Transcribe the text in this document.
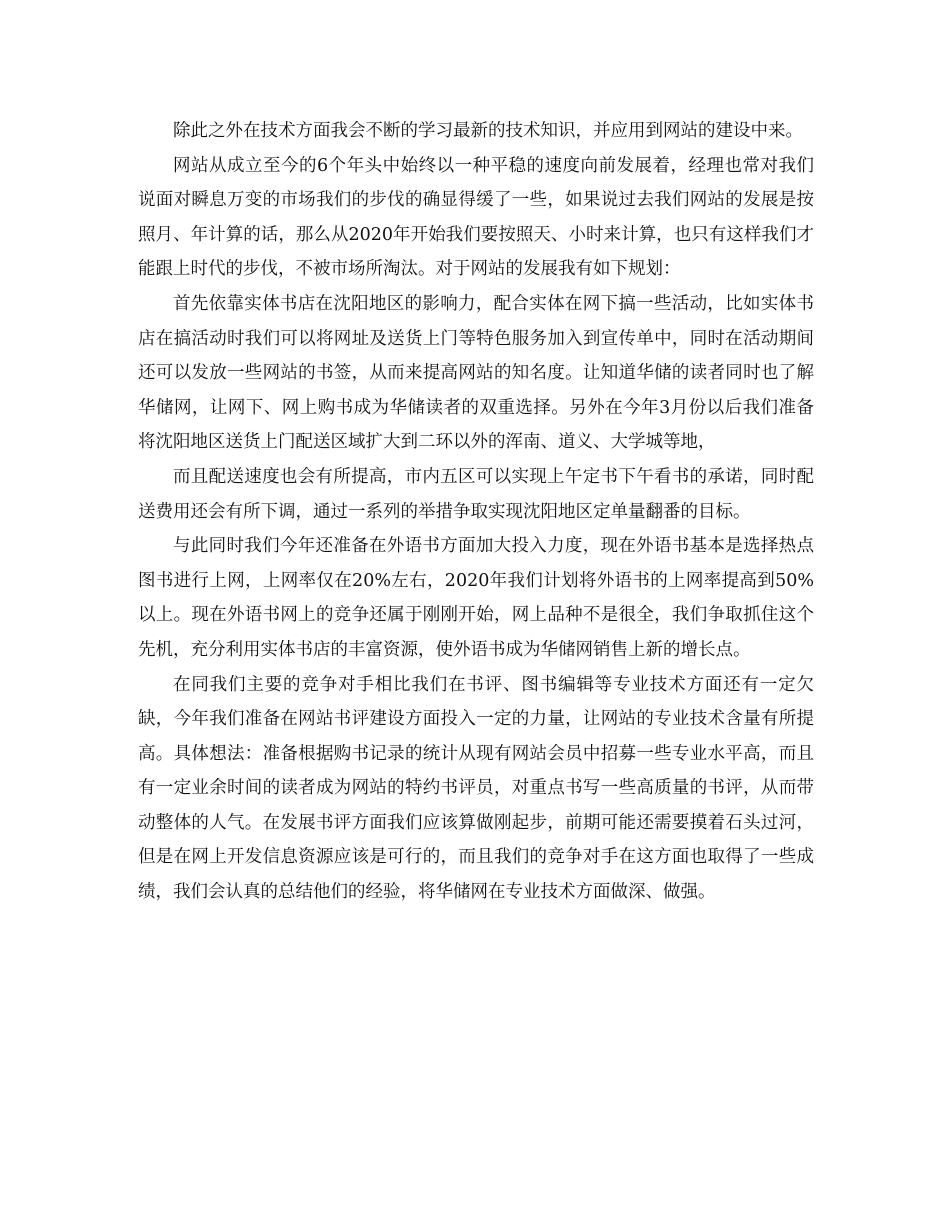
除此之外在技术方面我会不断的学习最新的技术知识，并应用到网站的建设中来。

网站从成立至今的6个年头中始终以一种平稳的速度向前发展着，经理也常对我们说面对瞬息万变的市场我们的步伐的确显得缓了一些，如果说过去我们网站的发展是按照月、年计算的话，那么从2020年开始我们要按照天、小时来计算，也只有这样我们才能跟上时代的步伐，不被市场所淘汰。对于网站的发展我有如下规划：

首先依靠实体书店在沈阳地区的影响力，配合实体在网下搞一些活动，比如实体书店在搞活动时我们可以将网址及送货上门等特色服务加入到宣传单中，同时在活动期间还可以发放一些网站的书签，从而来提高网站的知名度。让知道华储的读者同时也了解华储网，让网下、网上购书成为华储读者的双重选择。另外在今年3月份以后我们准备将沈阳地区送货上门配送区域扩大到二环以外的浑南、道义、大学城等地，

而且配送速度也会有所提高，市内五区可以实现上午定书下午看书的承诺，同时配送费用还会有所下调，通过一系列的举措争取实现沈阳地区定单量翻番的目标。

与此同时我们今年还准备在外语书方面加大投入力度，现在外语书基本是选择热点图书进行上网，上网率仅在20%左右，2020年我们计划将外语书的上网率提高到50%以上。现在外语书网上的竞争还属于刚刚开始，网上品种不是很全，我们争取抓住这个先机，充分利用实体书店的丰富资源，使外语书成为华储网销售上新的增长点。

在同我们主要的竞争对手相比我们在书评、图书编辑等专业技术方面还有一定欠缺，今年我们准备在网站书评建设方面投入一定的力量，让网站的专业技术含量有所提高。具体想法：准备根据购书记录的统计从现有网站会员中招募一些专业水平高，而且有一定业余时间的读者成为网站的特约书评员，对重点书写一些高质量的书评，从而带动整体的人气。在发展书评方面我们应该算做刚起步，前期可能还需要摸着石头过河，但是在网上开发信息资源应该是可行的，而且我们的竞争对手在这方面也取得了一些成绩，我们会认真的总结他们的经验，将华储网在专业技术方面做深、做强。
